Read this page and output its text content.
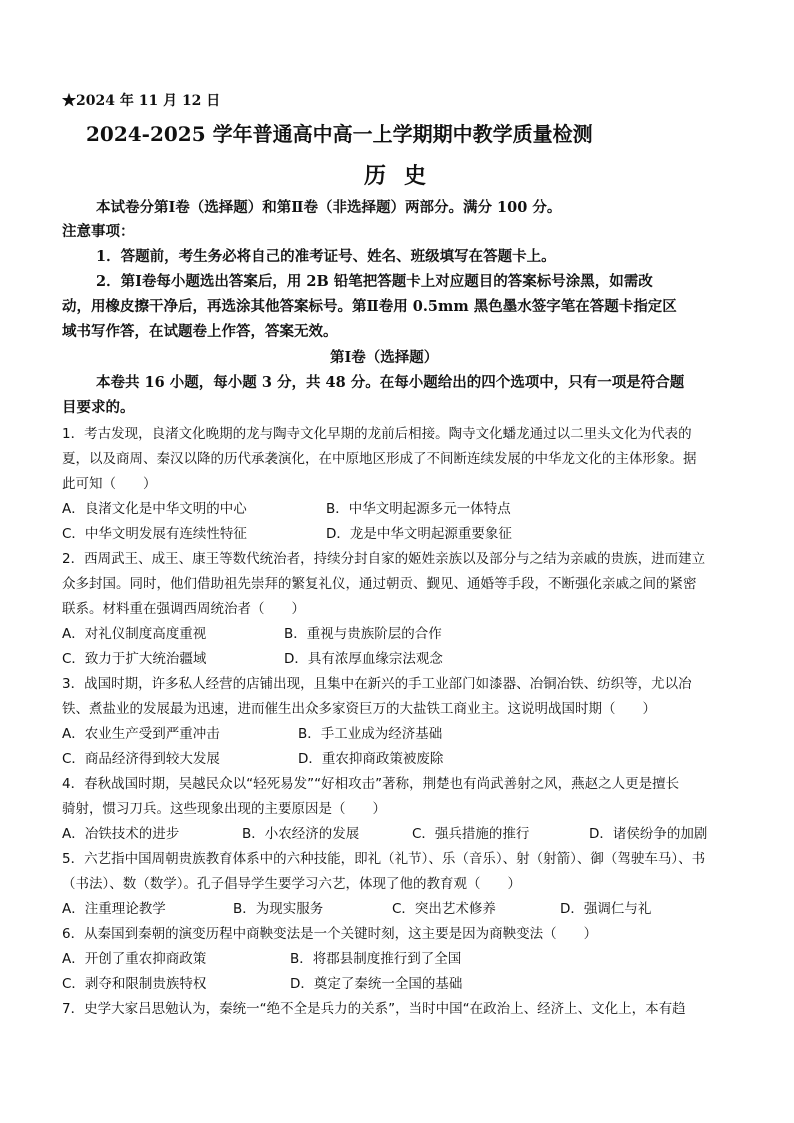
★2024 年 11 月 12 日
2024-2025 学年普通高中高一上学期期中教学质量检测
历史
本试卷分第Ⅰ卷（选择题）和第Ⅱ卷（非选择题）两部分。满分 100 分。
注意事项：
1．答题前，考生务必将自己的准考证号、姓名、班级填写在答题卡上。
2．第Ⅰ卷每小题选出答案后，用 2B 铅笔把答题卡上对应题目的答案标号涂黑，如需改
动，用橡皮擦干净后，再选涂其他答案标号。第Ⅱ卷用 0.5mm 黑色墨水签字笔在答题卡指定区
域书写作答，在试题卷上作答，答案无效。
第Ⅰ卷（选择题）
本卷共 16 小题，每小题 3 分，共 48 分。在每小题给出的四个选项中，只有一项是符合题
目要求的。
1．考古发现，良渚文化晚期的龙与陶寺文化早期的龙前后相接。陶寺文化蟠龙通过以二里头文化为代表的
夏，以及商周、秦汉以降的历代承袭演化，在中原地区形成了不间断连续发展的中华龙文化的主体形象。据
此可知（　　）
A．良渚文化是中华文明的中心	B．中华文明起源多元一体特点
C．中华文明发展有连续性特征	D．龙是中华文明起源重要象征
2．西周武王、成王、康王等数代统治者，持续分封自家的姬姓亲族以及部分与之结为亲戚的贵族，进而建立
众多封国。同时，他们借助祖先崇拜的繁复礼仪，通过朝贡、觐见、通婚等手段，不断强化亲戚之间的紧密
联系。材料重在强调西周统治者（　　）
A．对礼仪制度高度重视	B．重视与贵族阶层的合作
C．致力于扩大统治疆域	D．具有浓厚血缘宗法观念
3．战国时期，许多私人经营的店铺出现，且集中在新兴的手工业部门如漆器、冶铜冶铁、纺织等，尤以冶
铁、煮盐业的发展最为迅速，进而催生出众多家资巨万的大盐铁工商业主。这说明战国时期（　　）
A．农业生产受到严重冲击	B．手工业成为经济基础
C．商品经济得到较大发展	D．重农抑商政策被废除
4．春秋战国时期，吴越民众以“轻死易发”“好相攻击”著称，荆楚也有尚武善射之风，燕赵之人更是擅长
骑射，惯习刀兵。这些现象出现的主要原因是（　　）
A．冶铁技术的进步	B．小农经济的发展	C．强兵措施的推行	D．诸侯纷争的加剧
5．六艺指中国周朝贵族教育体系中的六种技能，即礼（礼节）、乐（音乐）、射（射箭）、御（驾驶车马）、书
（书法）、数（数学）。孔子倡导学生要学习六艺，体现了他的教育观（　　）
A．注重理论教学	B．为现实服务	C．突出艺术修养	D．强调仁与礼
6．从秦国到秦朝的演变历程中商鞅变法是一个关键时刻，这主要是因为商鞅变法（　　）
A．开创了重农抑商政策	B．将郡县制度推行到了全国
C．剥夺和限制贵族特权	D．奠定了秦统一全国的基础
7．史学大家吕思勉认为，秦统一“绝不全是兵力的关系”，当时中国“在政治上、经济上、文化上，本有趋
